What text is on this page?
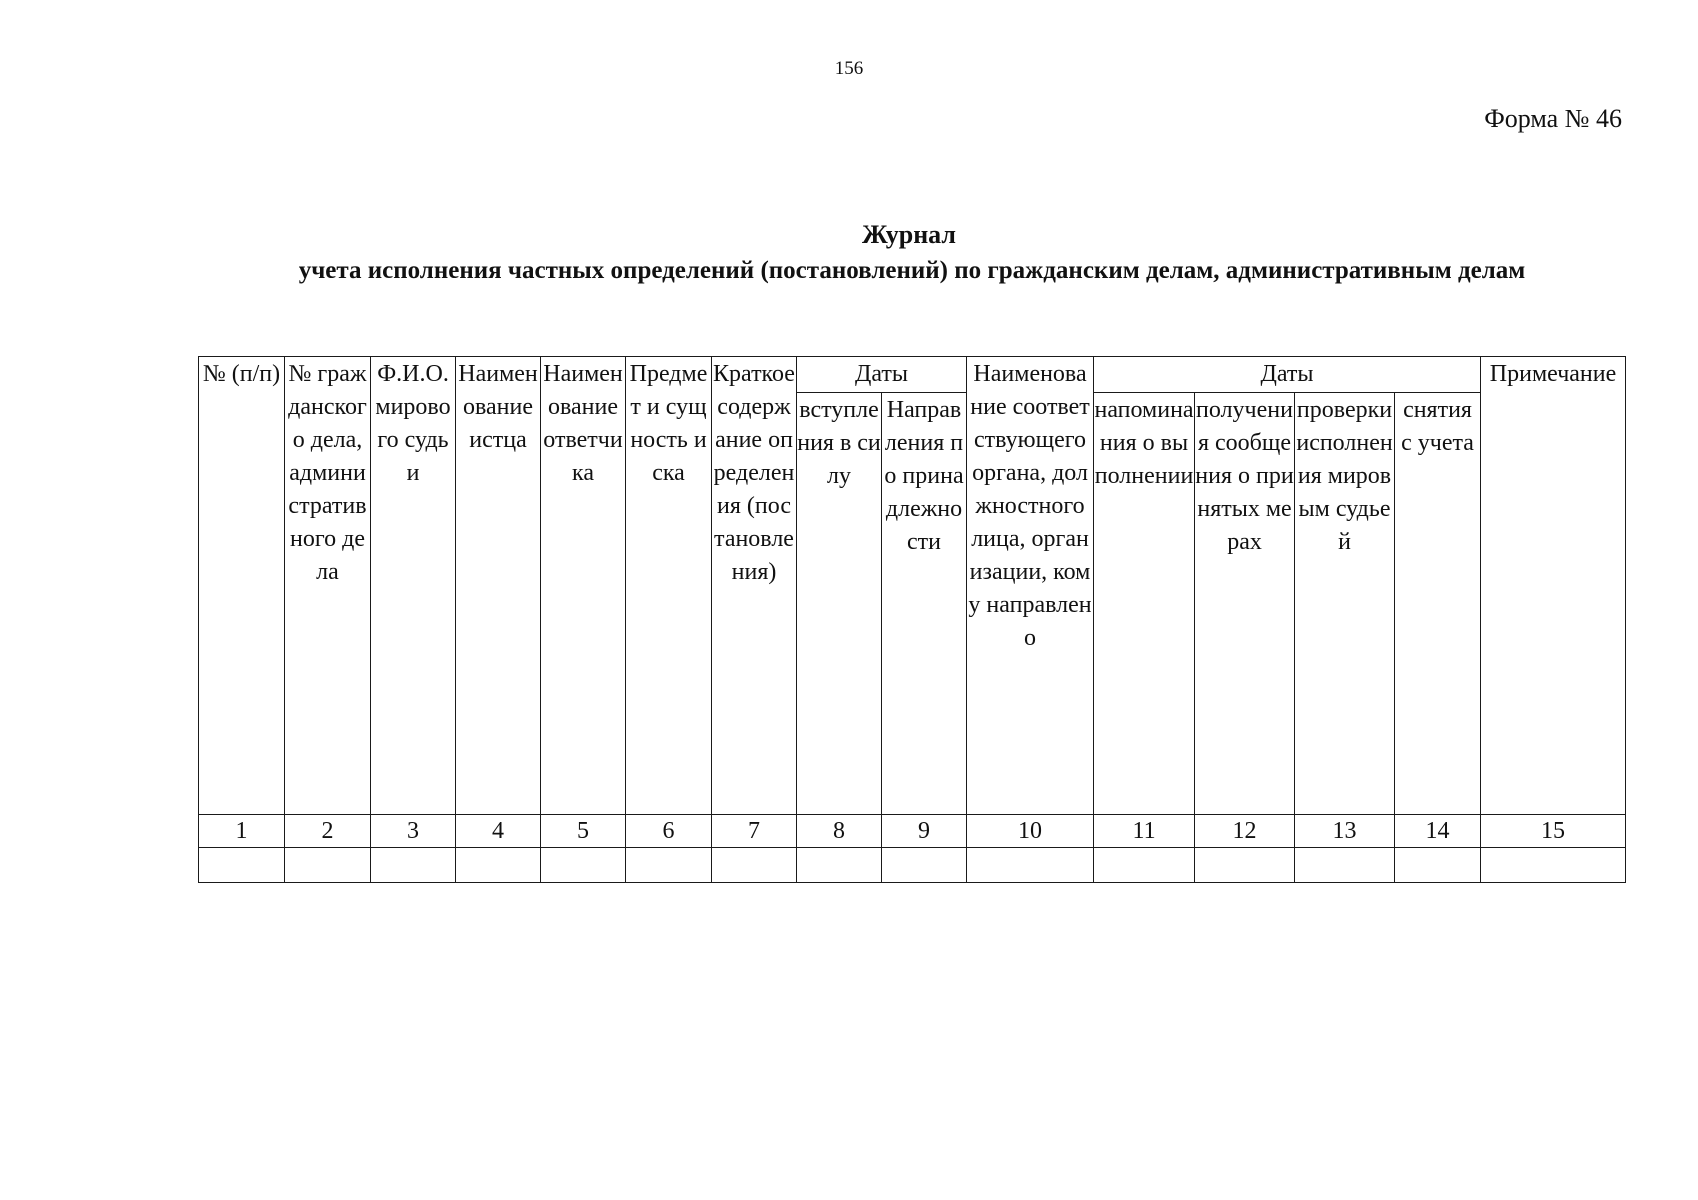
156
Форма № 46
Журнал
учета исполнения частных определений (постановлений) по гражданским делам, административным делам
№ (п/п)	№ гражданского дела, административного дела	Ф.И.О. мирового судьи	Наименование истца	Наименование ответчика	Предмет и сущность иска	Краткое содержание определения (постановления)	Даты		Наименование соответствующего органа, должностного лица, организации, кому направлено	Даты				Примечание
							вступления в силу	Направления по принадлежности		напоминания о выполнении	получения сообщения о принятых мерах	проверки исполнения мировым судьей	снятия с учета	
1	2	3	4	5	6	7	8	9	10	11	12	13	14	15
